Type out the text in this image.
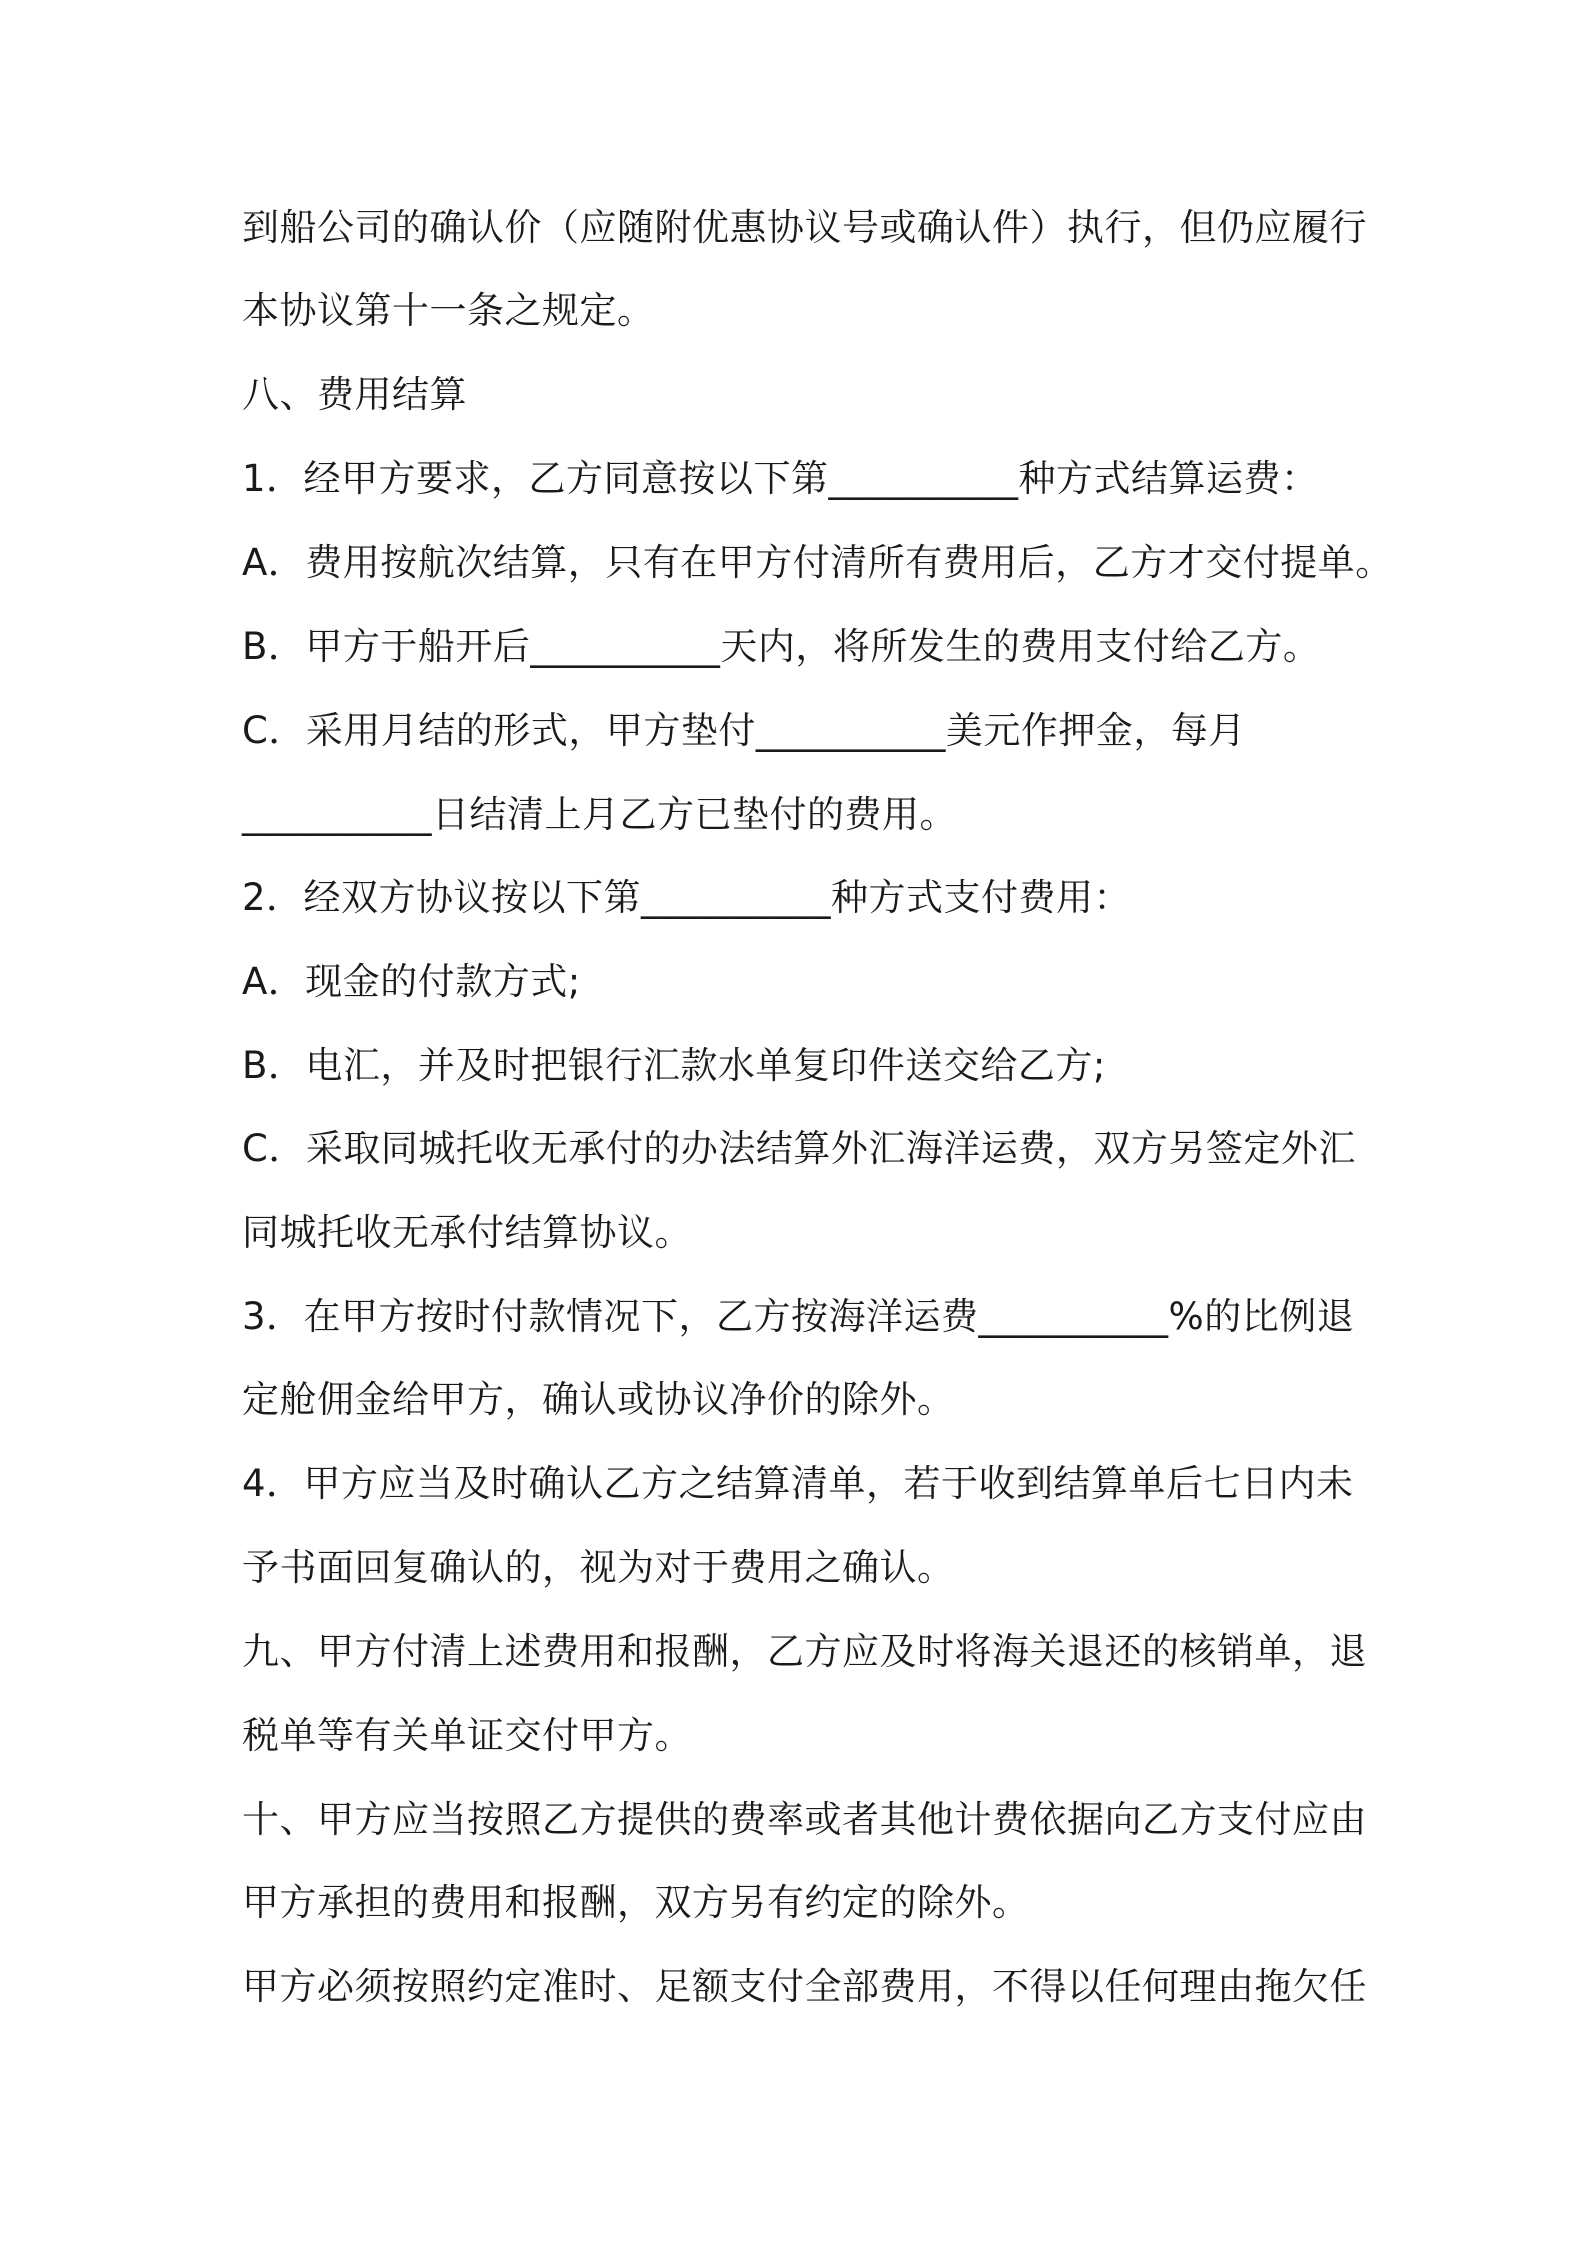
到船公司的确认价（应随附优惠协议号或确认件）执行，但仍应履行
本协议第十一条之规定。
八、费用结算
1．经甲方要求，乙方同意按以下第__________种方式结算运费：
A．费用按航次结算，只有在甲方付清所有费用后，乙方才交付提单。
B．甲方于船开后__________天内，将所发生的费用支付给乙方。
C．采用月结的形式，甲方垫付__________美元作押金，每月
__________日结清上月乙方已垫付的费用。
2．经双方协议按以下第__________种方式支付费用：
A．现金的付款方式;
B．电汇，并及时把银行汇款水单复印件送交给乙方;
C．采取同城托收无承付的办法结算外汇海洋运费，双方另签定外汇
同城托收无承付结算协议。
3．在甲方按时付款情况下，乙方按海洋运费__________%的比例退
定舱佣金给甲方，确认或协议净价的除外。
4．甲方应当及时确认乙方之结算清单，若于收到结算单后七日内未
予书面回复确认的，视为对于费用之确认。
九、甲方付清上述费用和报酬，乙方应及时将海关退还的核销单，退
税单等有关单证交付甲方。
十、甲方应当按照乙方提供的费率或者其他计费依据向乙方支付应由
甲方承担的费用和报酬，双方另有约定的除外。
甲方必须按照约定准时、足额支付全部费用，不得以任何理由拖欠任
